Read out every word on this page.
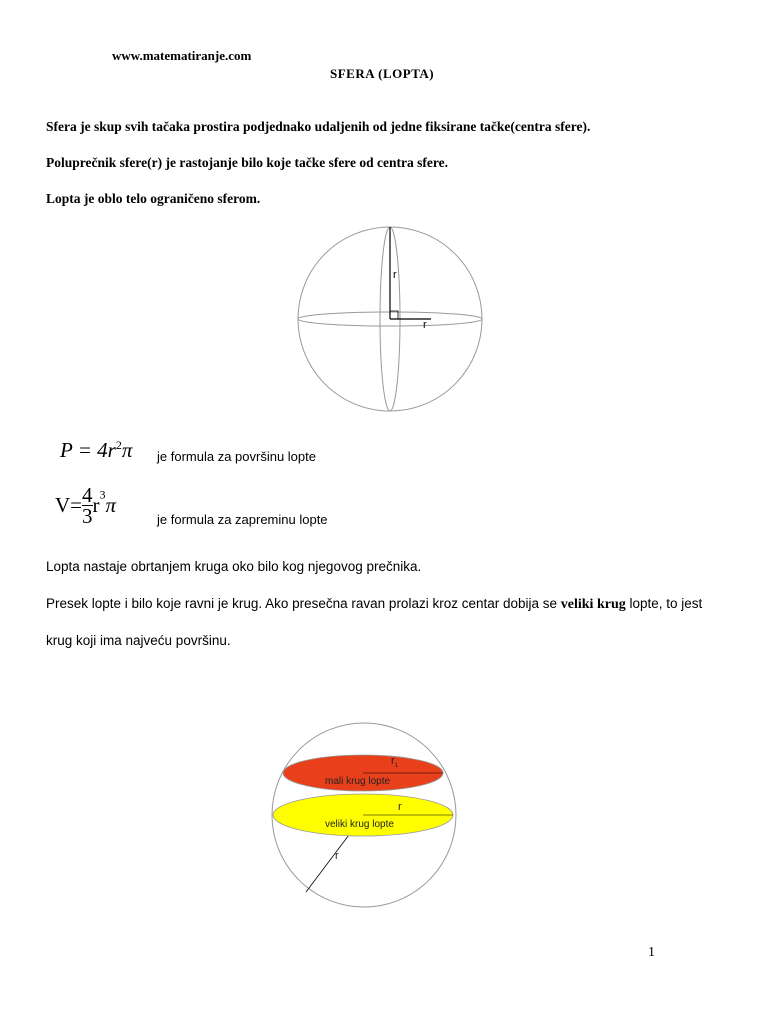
www.matematiranje.com
SFERA (LOPTA)
Sfera je skup svih tačaka prostira podjednako udaljenih od jedne fiksirane tačke(centra sfere).
Poluprečnik sfere(r) je rastojanje bilo koje tačke sfere od centra sfere.
Lopta je oblo telo ograničeno sferom.
r
r
$P = 4r^2\pi$ je formula za površinu lopte
$V= \frac{4}{3} r^3\pi$
je formula za zapreminu lopte
Lopta nastaje obrtanjem kruga oko bilo kog njegovog prečnika.
Presek lopte i bilo koje ravni je krug. Ako presečna ravan prolazi kroz centar dobija se veliki krug lopte, to jest
krug koji ima najveću površinu.
mali krug lopte
$r_1$
veliki krug lopte
r
r
1
